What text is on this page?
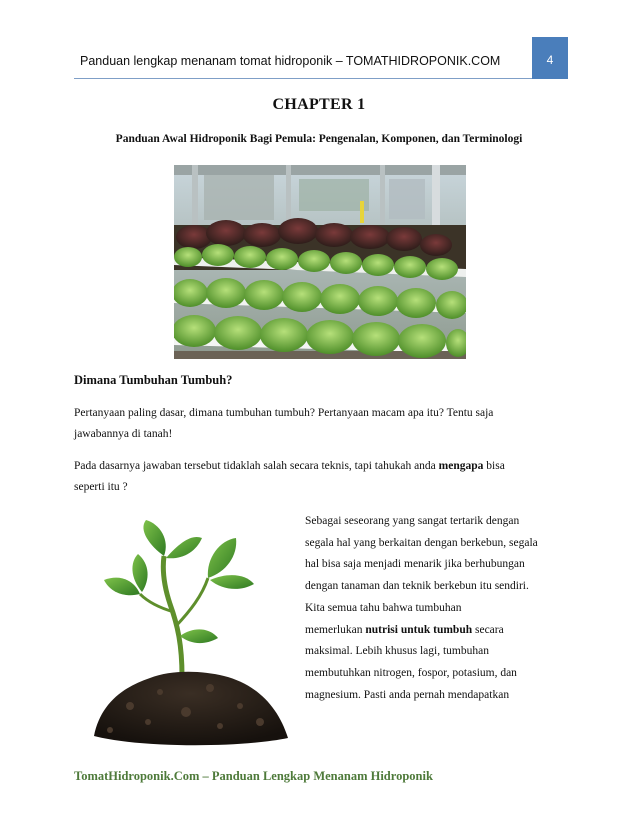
Panduan lengkap menanam tomat hidroponik – TOMATHIDROPONIK.COM	4
CHAPTER 1
Panduan Awal Hidroponik Bagi Pemula: Pengenalan, Komponen, dan Terminologi
Dimana Tumbuhan Tumbuh?
Pertanyaan paling dasar, dimana tumbuhan tumbuh? Pertanyaan macam apa itu? Tentu saja
jawabannya di tanah!
Pada dasarnya jawaban tersebut tidaklah salah secara teknis, tapi tahukah anda mengapa bisa
seperti itu ?
Sebagai seseorang yang sangat tertarik dengan
segala hal yang berkaitan dengan berkebun, segala
hal bisa saja menjadi menarik jika berhubungan
dengan tanaman dan teknik berkebun itu sendiri.
Kita semua tahu bahwa tumbuhan
memerlukan nutrisi untuk tumbuh secara
maksimal. Lebih khusus lagi, tumbuhan
membutuhkan nitrogen, fospor, potasium, dan
magnesium. Pasti anda pernah mendapatkan
TomatHidroponik.Com – Panduan Lengkap Menanam Hidroponik
